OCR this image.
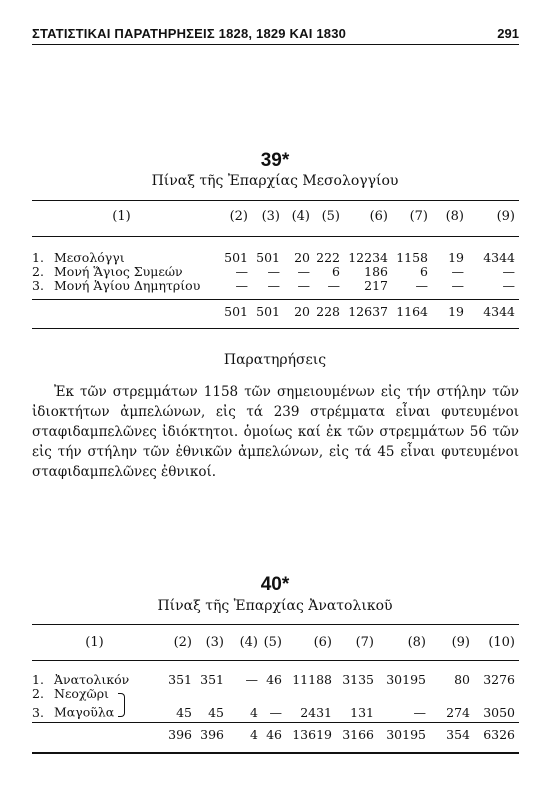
ΣΤΑΤΙΣΤΙΚΑΙ ΠΑΡΑΤΗΡΗΣΕΙΣ 1828, 1829 ΚΑΙ 1830	291
39*
Πίναξ τῆς Ἐπαρχίας Μεσολογγίου
(1)	(2)	(3)	(4)	(5)	(6)	(7)	(8)	(9)
1. Μεσολόγγι	501	501	20	222	12234	1158	19	4344
2. Μονή Ἅγιος Συμεών	—	—	—	6	186	6	—	—
3. Μονή Ἁγίου Δημητρίου	—	—	—	—	217	—	—	—
	501	501	20	228	12637	1164	19	4344
Παρατηρήσεις

Ἐκ τῶν στρεμμάτων 1158 τῶν σημειουμένων εἰς τήν στήλην τῶν ἰδιοκτήτων ἀμπελώνων, εἰς τά 239 στρέμματα εἶναι φυτευμένοι σταφιδαμπελῶνες ἰδιόκτητοι. ὁμοίως καί ἐκ τῶν στρεμμάτων 56 τῶν εἰς τήν στήλην τῶν ἐθνικῶν ἀμπελώνων, εἰς τά 45 εἶναι φυτευμένοι σταφιδαμπελῶνες ἐθνικοί.

40*
Πίναξ τῆς Ἐπαρχίας Ἀνατολικοῦ
(1)	(2)	(3)	(4)	(5)	(6)	(7)	(8)	(9)	(10)
1. Ἀνατολικόν	351	351	—	46	11188	3135	30195	80	3276
2. Νεοχῶρι									
3. Μαγοῦλα	45	45	4	—	2431	131	—	274	3050
	396	396	4	46	13619	3166	30195	354	6326
